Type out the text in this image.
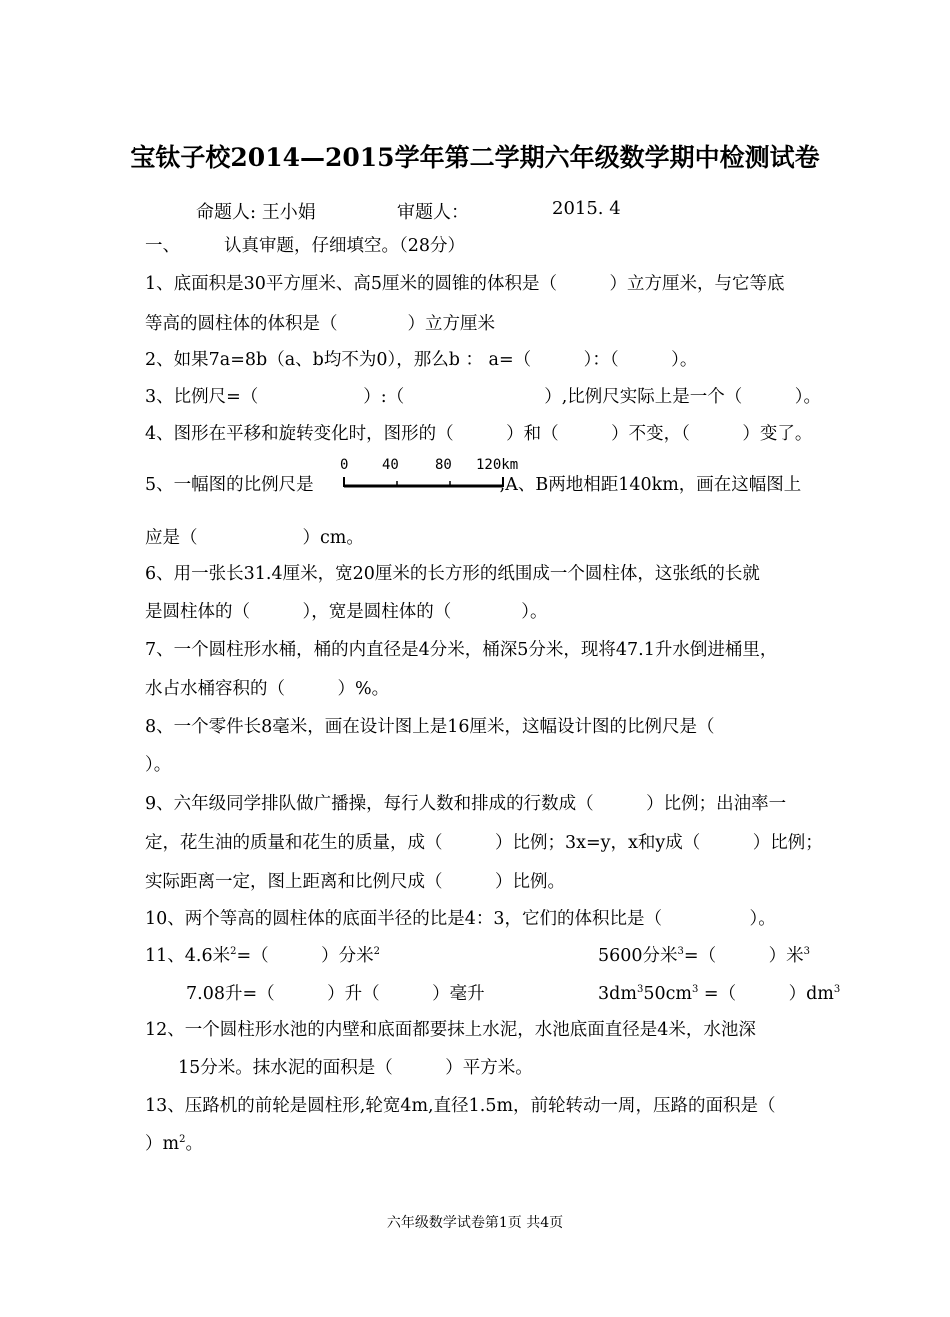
宝钛子校2014—2015学年第二学期六年级数学期中检测试卷
命题人: 王小娟	审题人：	2015. 4
一、	认真审题，仔细填空。（28分）
1、底面积是30平方厘米、高5厘米的圆锥的体积是（　　　）立方厘米，与它等底
等高的圆柱体的体积是（　　　　）立方厘米
2、如果7a=8b（a、b均不为0），那么b ： a=（　　　）：（　　　）。
3、比例尺=（　　　　　　）:（　　　　　　　　）,比例尺实际上是一个（　　　）。
4、图形在平移和旋转变化时，图形的（　　　）和（　　　）不变，（　　　）变了。
5、一幅图的比例尺是	,A、B两地相距140km，画在这幅图上
0 40	80 120km
应是（　　　　　　）cm。
6、用一张长31.4厘米，宽20厘米的长方形的纸围成一个圆柱体，这张纸的长就
是圆柱体的（　　　），宽是圆柱体的（　　　　）。
7、一个圆柱形水桶，桶的内直径是4分米，桶深5分米，现将47.1升水倒进桶里，
水占水桶容积的（　　　）%。
8、一个零件长8毫米，画在设计图上是16厘米，这幅设计图的比例尺是（
）。
9、六年级同学排队做广播操，每行人数和排成的行数成（　　　）比例；出油率一
定，花生油的质量和花生的质量，成（　　　）比例；3x=y，x和y成（　　　）比例；
实际距离一定，图上距离和比例尺成（　　　）比例。
10、两个等高的圆柱体的底面半径的比是4：3，它们的体积比是（　　　　　）。
11、4.6米$^2$=（　　　）分米$^2$	5600分米$^3$=（　　　）米$^3$
7.08升=（　　　）升（　　　）毫升	$3dm^350cm^3$ =（　　　）$dm^3$
12、一个圆柱形水池的内壁和底面都要抹上水泥，水池底面直径是4米，水池深
15分米。抹水泥的面积是（　　　）平方米。
13、压路机的前轮是圆柱形,轮宽4m,直径1.5m，前轮转动一周，压路的面积是（
）$m^2$。
六年级数学试卷第1页 共4页
